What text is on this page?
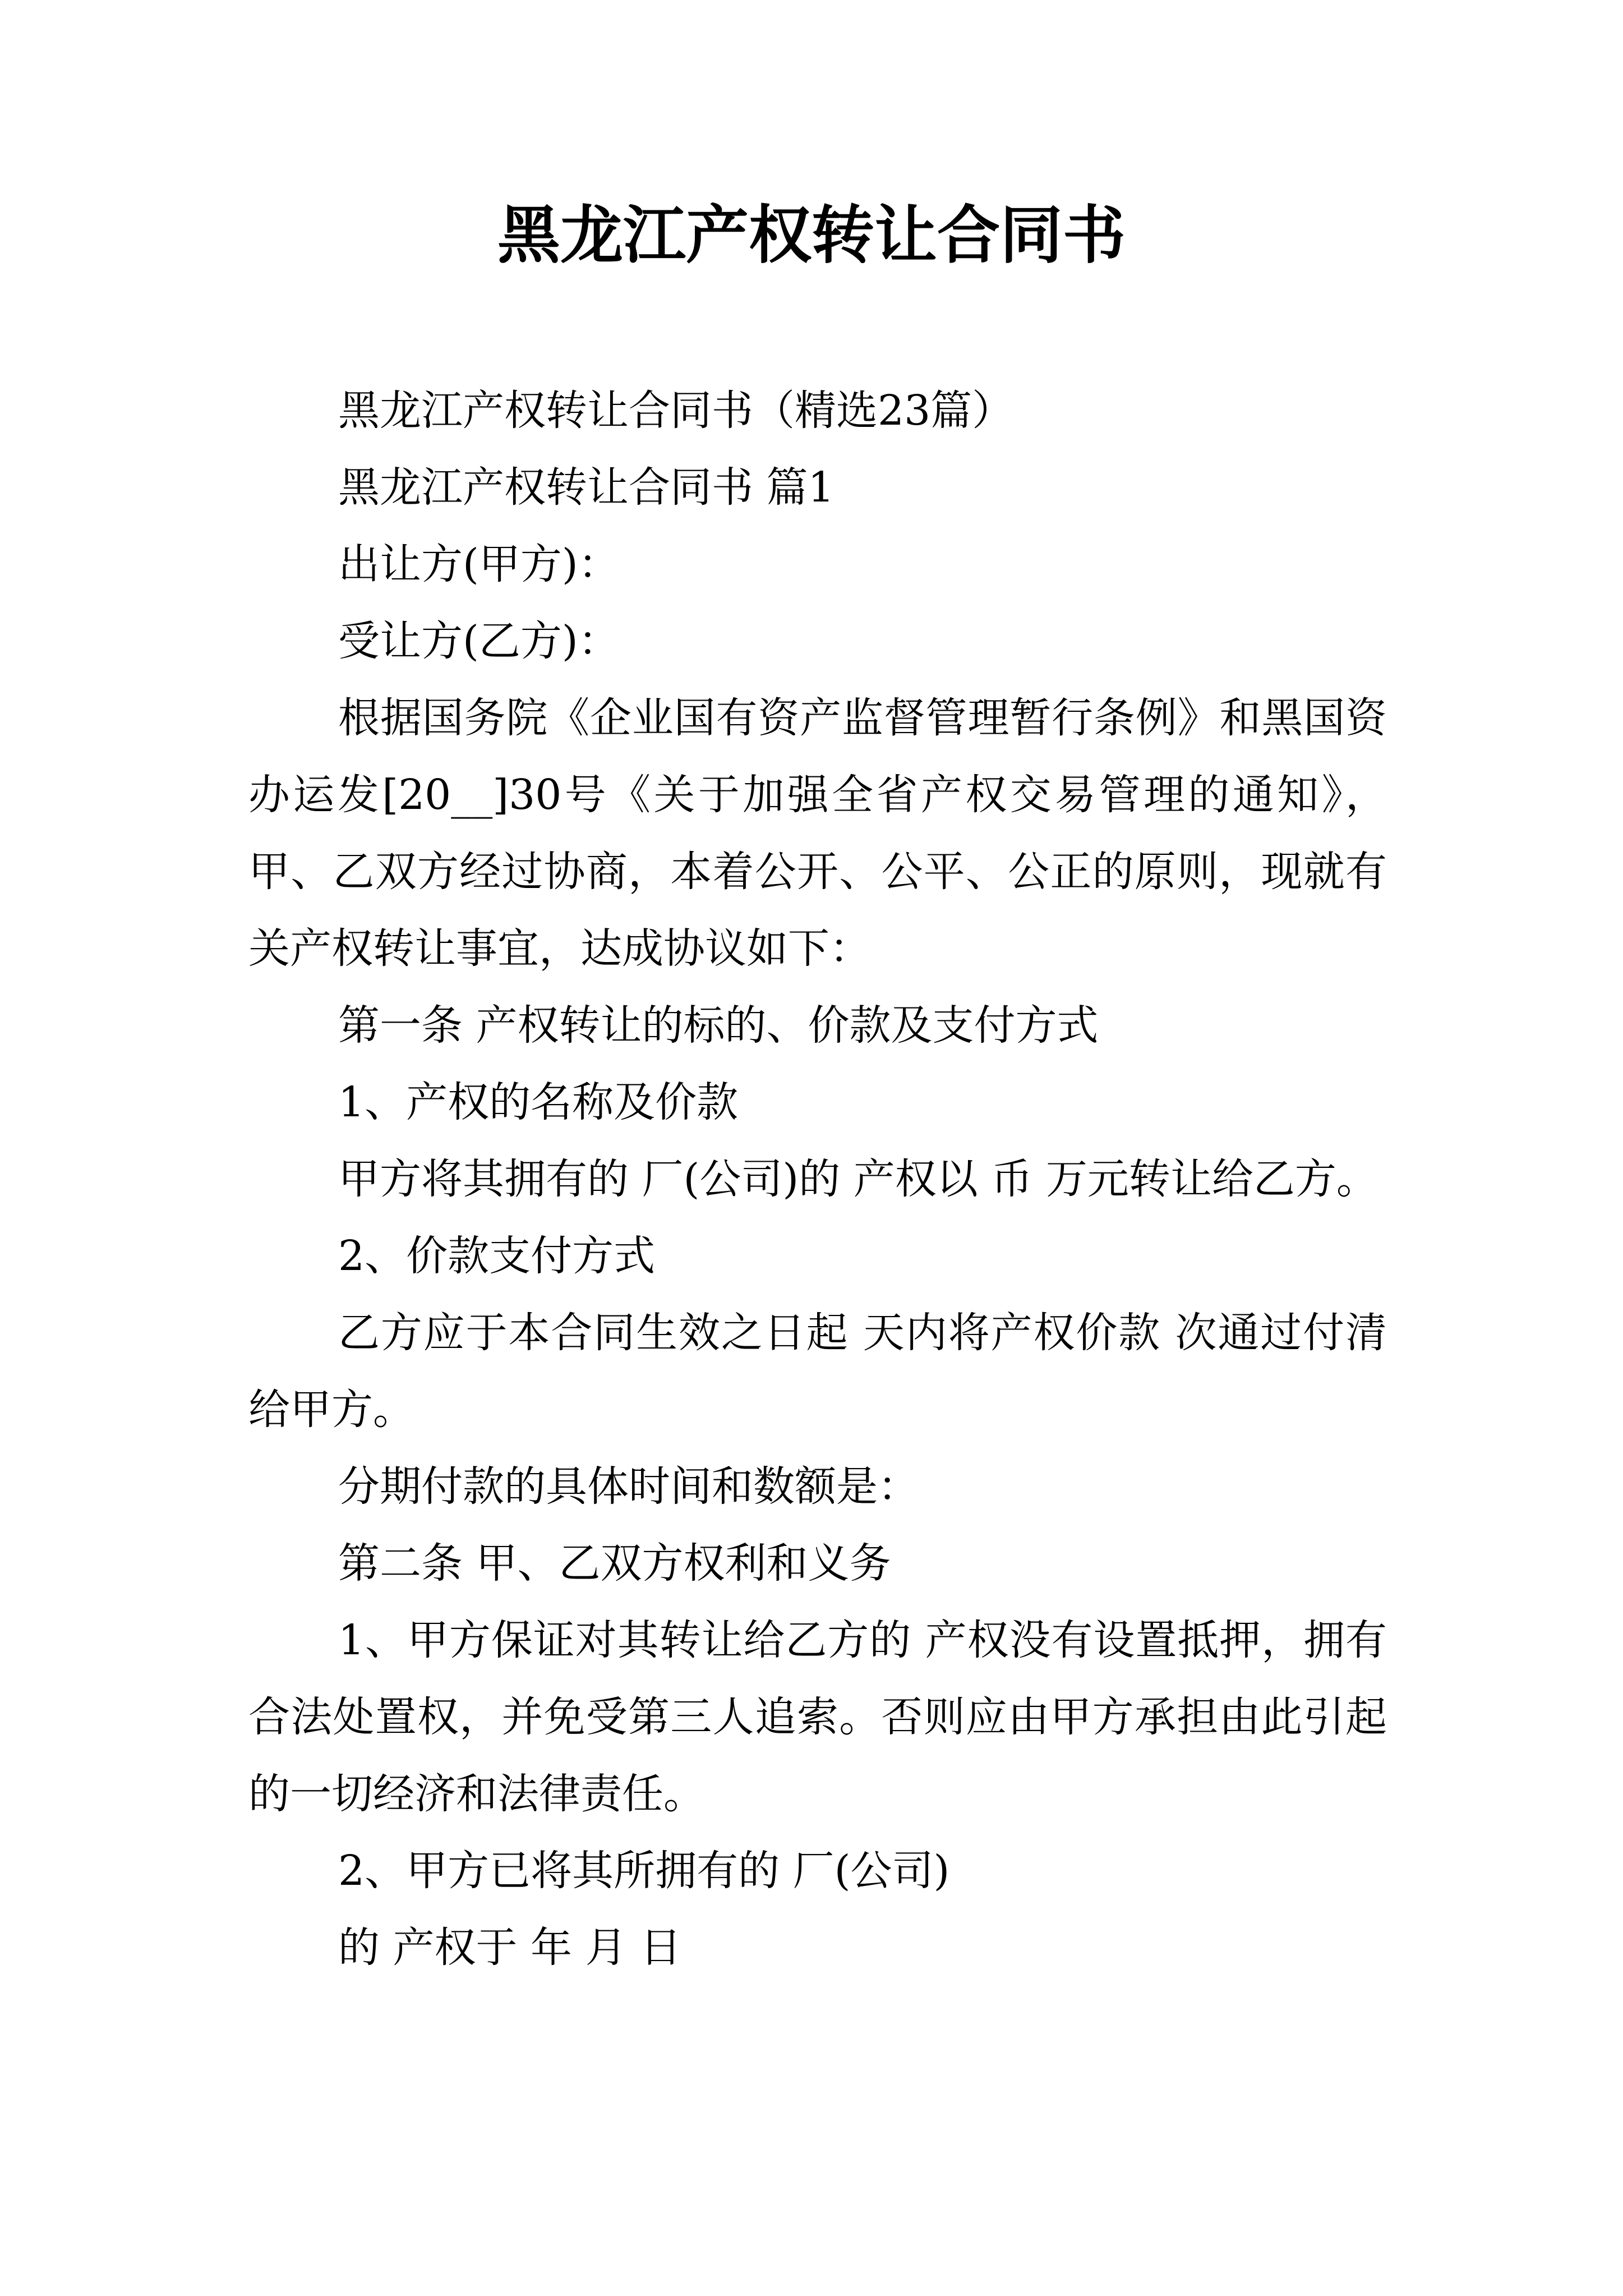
黑龙江产权转让合同书

黑龙江产权转让合同书（精选23篇）

黑龙江产权转让合同书 篇1

出让方(甲方)：

受让方(乙方)：

根据国务院《企业国有资产监督管理暂行条例》和黑国资办运发[20__]30号《关于加强全省产权交易管理的通知》，甲、乙双方经过协商，本着公开、公平、公正的原则，现就有关产权转让事宜，达成协议如下：

第一条 产权转让的标的、价款及支付方式

1、产权的名称及价款

甲方将其拥有的 厂(公司)的 产权以 币 万元转让给乙方。

2、价款支付方式

乙方应于本合同生效之日起 天内将产权价款 次通过付清给甲方。

分期付款的具体时间和数额是：

第二条 甲、乙双方权利和义务

1、甲方保证对其转让给乙方的 产权没有设置抵押，拥有合法处置权，并免受第三人追索。否则应由甲方承担由此引起的一切经济和法律责任。

2、甲方已将其所拥有的 厂(公司)

的 产权于 年 月 日
